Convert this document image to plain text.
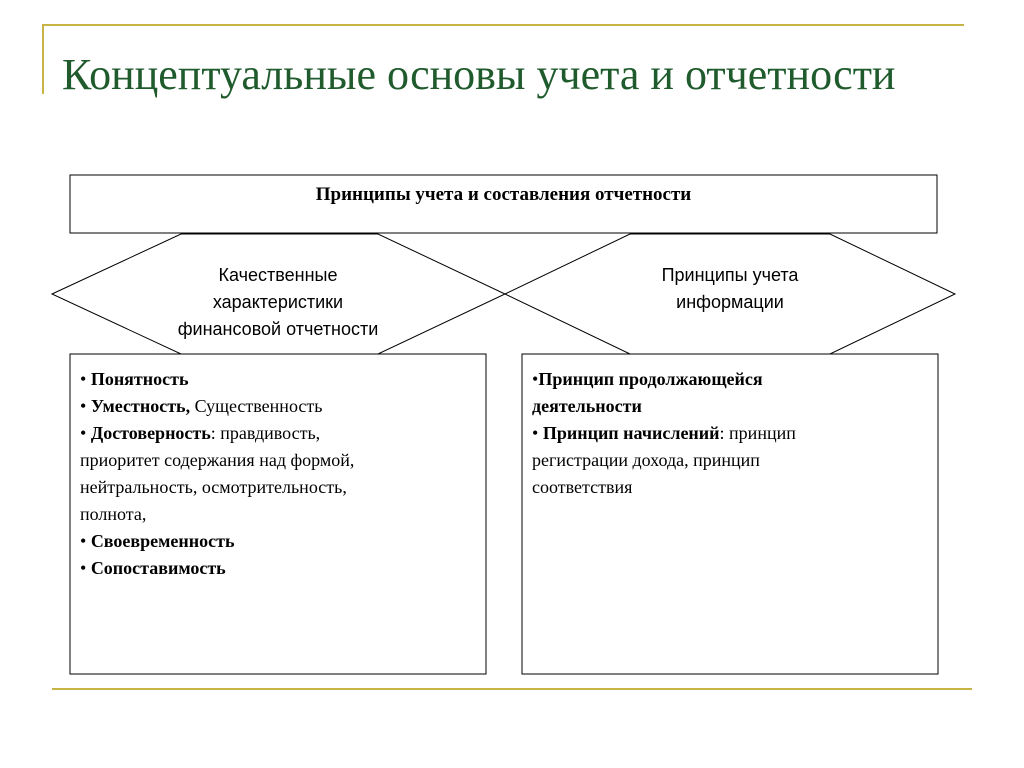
Концептуальные основы учета и отчетности
Принципы учета и составления отчетности
Качественные
характеристики
финансовой отчетности
Принципы учета
информации

• Понятность

• Уместность, Существенность

• Достоверность: правдивость,

приоритет содержания над формой,

нейтральность, осмотрительность,

полнота,

• Своевременность

• Сопоставимость

•Принцип продолжающейся

деятельности

• Принцип начислений: принцип

регистрации дохода, принцип

соответствия
